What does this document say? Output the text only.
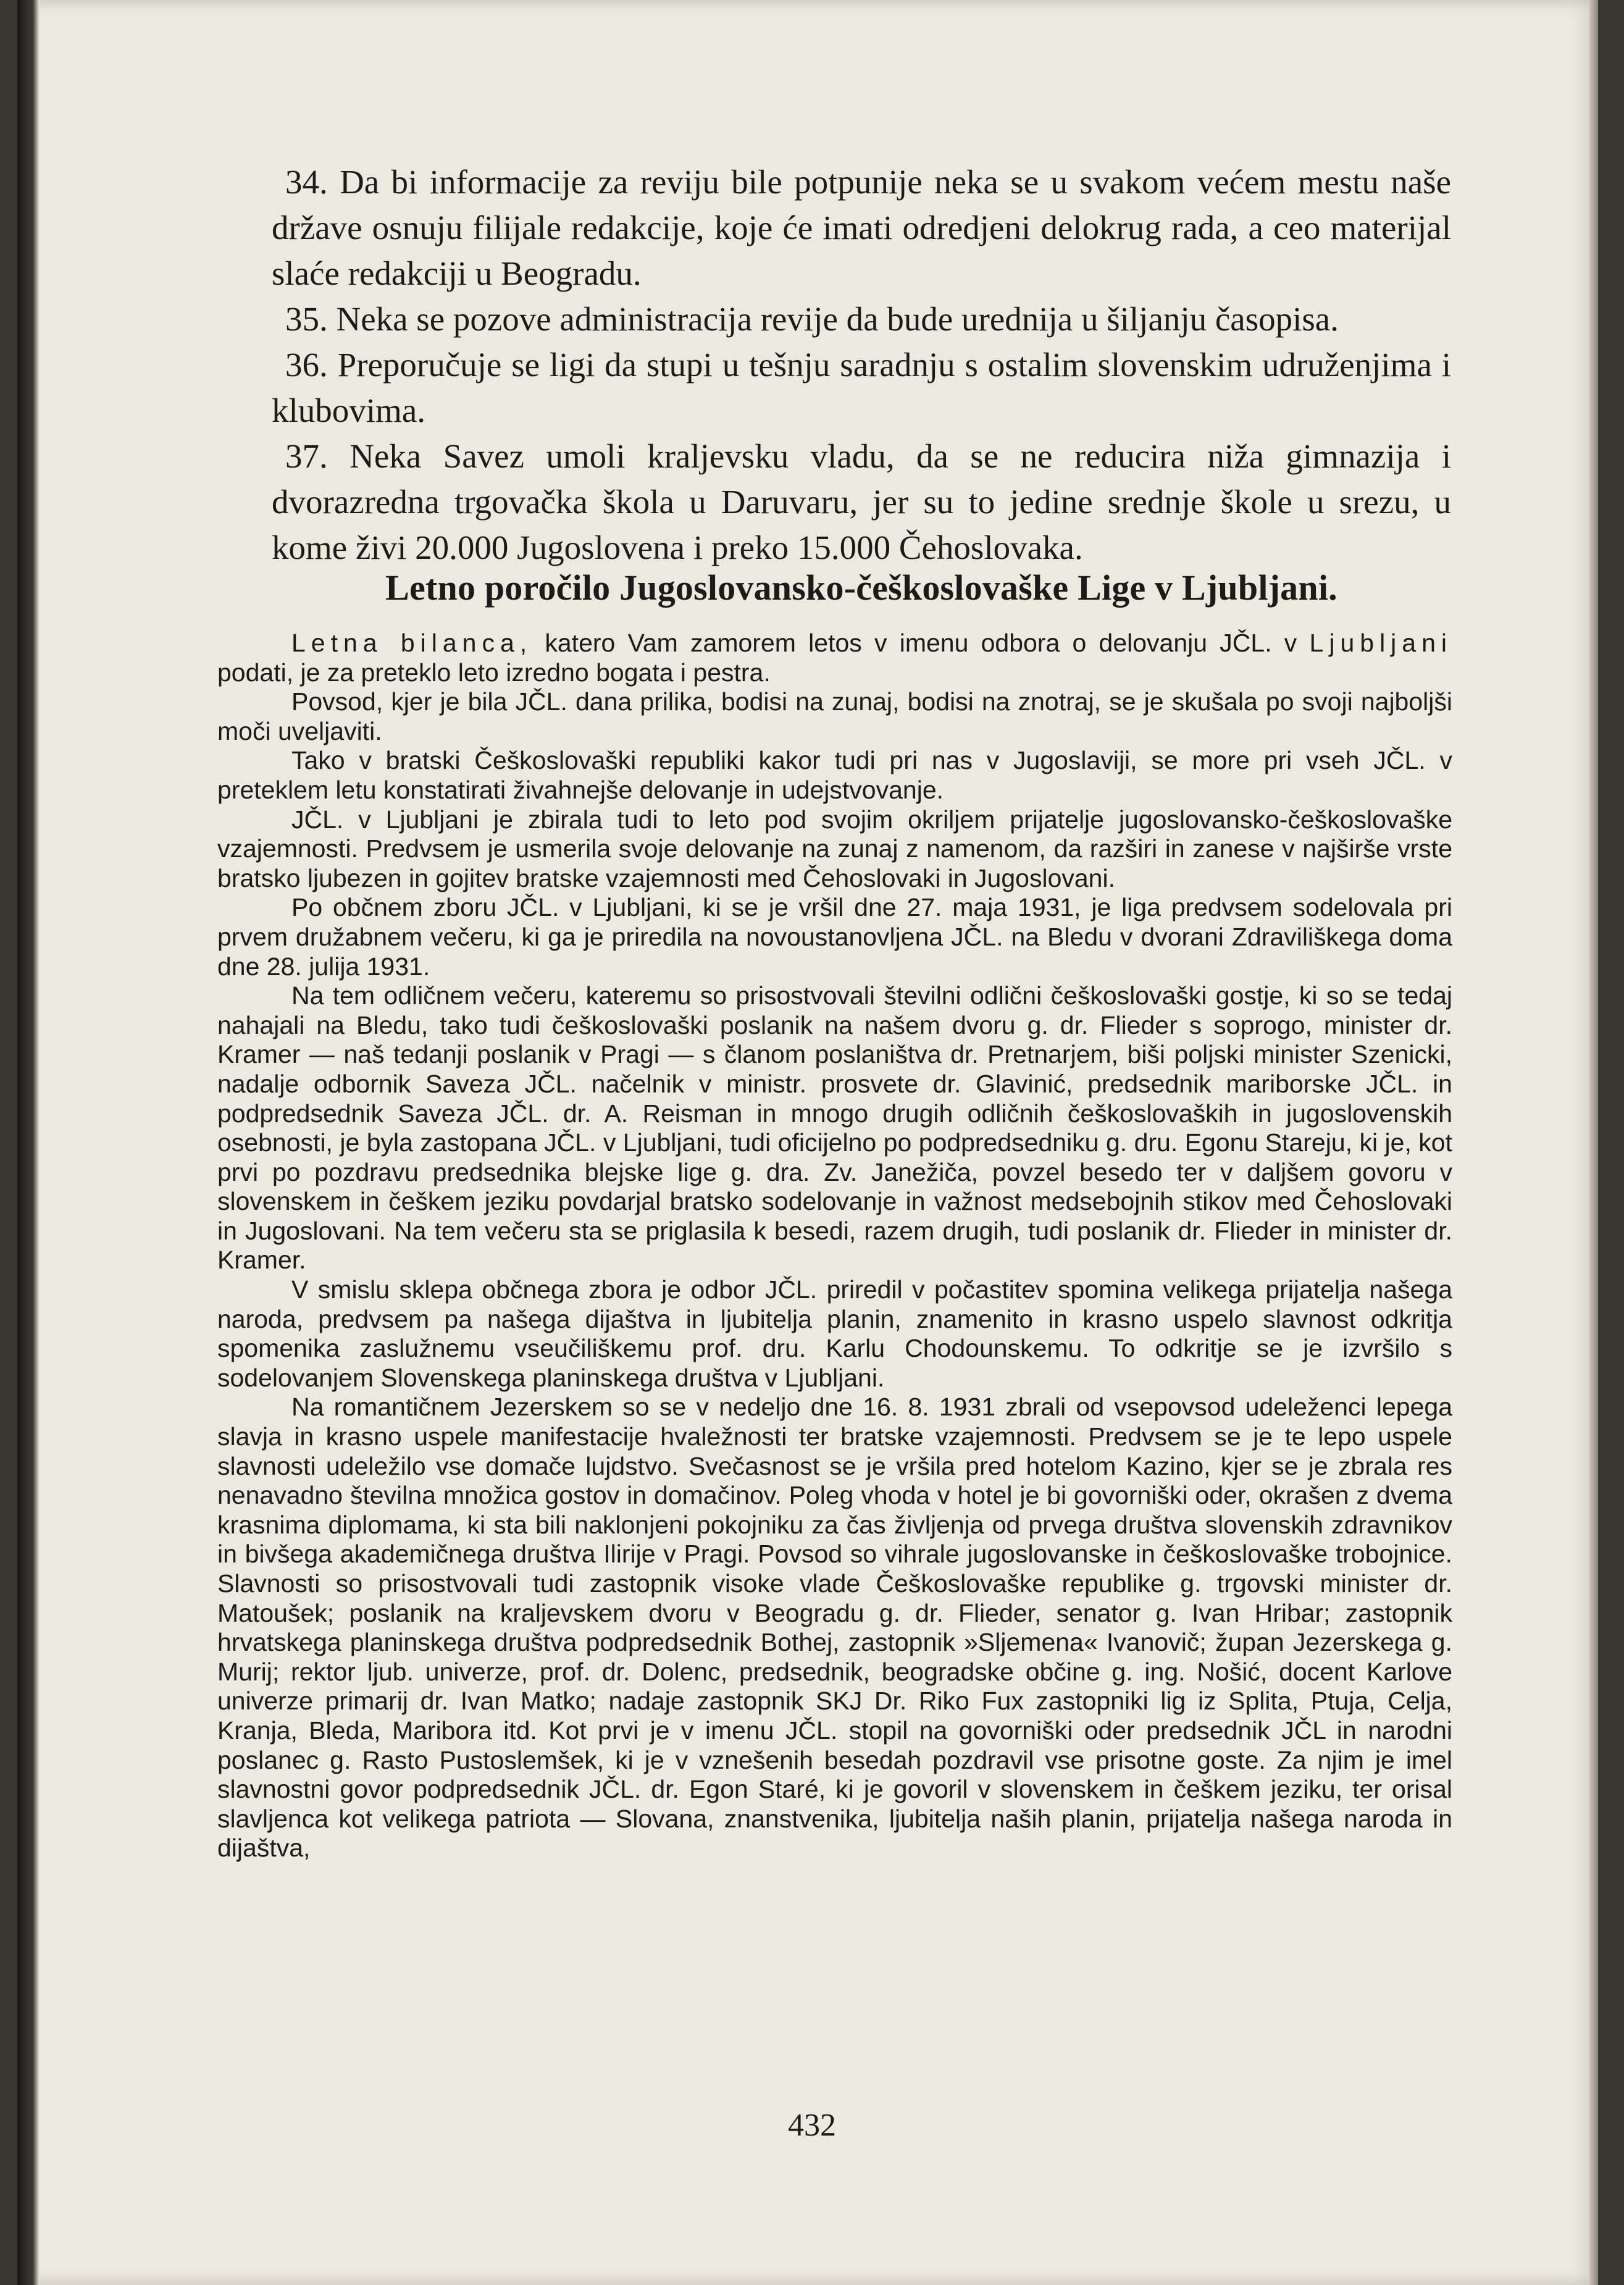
34. Da bi informacije za reviju bile potpunije neka se u svakom većem mestu naše države osnuju filijale redakcije, koje će imati odredjeni delokrug rada, a ceo materijal slaće redakciji u Beogradu.

35. Neka se pozove administracija revije da bude urednija u šiljanju časopisa.

36. Preporučuje se ligi da stupi u tešnju saradnju s ostalim slovenskim udruženjima i klubovima.

37. Neka Savez umoli kraljevsku vladu, da se ne reducira niža gimnazija i dvorazredna trgovačka škola u Daruvaru, jer su to jedine srednje škole u srezu, u kome živi 20.000 Jugoslovena i preko 15.000 Čehoslovaka.

Letno poročilo Jugoslovansko-češkoslovaške Lige v Ljubljani.

Letna bilanca, katero Vam zamorem letos v imenu odbora o delovanju JČL. v Ljubljani podati, je za preteklo leto izredno bogata i pestra.

Povsod, kjer je bila JČL. dana prilika, bodisi na zunaj, bodisi na znotraj, se je skušala po svoji najboljši moči uveljaviti.

Tako v bratski Češkoslovaški republiki kakor tudi pri nas v Jugoslaviji, se more pri vseh JČL. v preteklem letu konstatirati živahnejše delovanje in udejstvovanje.

JČL. v Ljubljani je zbirala tudi to leto pod svojim okriljem prijatelje jugoslovansko-češkoslovaške vzajemnosti. Predvsem je usmerila svoje delovanje na zunaj z namenom, da razširi in zanese v najširše vrste bratsko ljubezen in gojitev bratske vzajemnosti med Čehoslovaki in Jugoslovani.

Po občnem zboru JČL. v Ljubljani, ki se je vršil dne 27. maja 1931, je liga predvsem sodelovala pri prvem družabnem večeru, ki ga je priredila na novoustanovljena JČL. na Bledu v dvorani Zdraviliškega doma dne 28. julija 1931.

Na tem odličnem večeru, kateremu so prisostvovali številni odlični češkoslovaški gostje, ki so se tedaj nahajali na Bledu, tako tudi češkoslovaški poslanik na našem dvoru g. dr. Flieder s soprogo, minister dr. Kramer — naš tedanji poslanik v Pragi — s članom poslaništva dr. Pretnarjem, biši poljski minister Szenicki, nadalje odbornik Saveza JČL. načelnik v ministr. prosvete dr. Glavinić, predsednik mariborske JČL. in podpredsednik Saveza JČL. dr. A. Reisman in mnogo drugih odličnih češkoslovaških in jugoslovenskih osebnosti, je byla zastopana JČL. v Ljubljani, tudi oficijelno po podpredsedniku g. dru. Egonu Stareju, ki je, kot prvi po pozdravu predsednika blejske lige g. dra. Zv. Janežiča, povzel besedo ter v daljšem govoru v slovenskem in češkem jeziku povdarjal bratsko sodelovanje in važnost medsebojnih stikov med Čehoslovaki in Jugoslovani. Na tem večeru sta se priglasila k besedi, razem drugih, tudi poslanik dr. Flieder in minister dr. Kramer.

V smislu sklepa občnega zbora je odbor JČL. priredil v počastitev spomina velikega prijatelja našega naroda, predvsem pa našega dijaštva in ljubitelja planin, znamenito in krasno uspelo slavnost odkritja spomenika zaslužnemu vseučiliškemu prof. dru. Karlu Chodounskemu. To odkritje se je izvršilo s sodelovanjem Slovenskega planinskega društva v Ljubljani.

Na romantičnem Jezerskem so se v nedeljo dne 16. 8. 1931 zbrali od vsepovsod udeleženci lepega slavja in krasno uspele manifestacije hvaležnosti ter bratske vzajemnosti. Predvsem se je te lepo uspele slavnosti udeležilo vse domače lujdstvo. Svečasnost se je vršila pred hotelom Kazino, kjer se je zbrala res nenavadno številna množica gostov in domačinov. Poleg vhoda v hotel je bi govorniški oder, okrašen z dvema krasnima diplomama, ki sta bili naklonjeni pokojniku za čas življenja od prvega društva slovenskih zdravnikov in bivšega akademičnega društva Ilirije v Pragi. Povsod so vihrale jugoslovanske in češkoslovaške trobojnice. Slavnosti so prisostvovali tudi zastopnik visoke vlade Češkoslovaške republike g. trgovski minister dr. Matoušek; poslanik na kraljevskem dvoru v Beogradu g. dr. Flieder, senator g. Ivan Hribar; zastopnik hrvatskega planinskega društva podpredsednik Bothej, zastopnik »Sljemena« Ivanovič; župan Jezerskega g. Murij; rektor ljub. univerze, prof. dr. Dolenc, predsednik, beogradske občine g. ing. Nošić, docent Karlove univerze primarij dr. Ivan Matko; nadaje zastopnik SKJ Dr. Riko Fux zastopniki lig iz Splita, Ptuja, Celja, Kranja, Bleda, Maribora itd. Kot prvi je v imenu JČL. stopil na govorniški oder predsednik JČL in narodni poslanec g. Rasto Pustoslemšek, ki je v vznešenih besedah pozdravil vse prisotne goste. Za njim je imel slavnostni govor podpredsednik JČL. dr. Egon Staré, ki je govoril v slovenskem in češkem jeziku, ter orisal slavljenca kot velikega patriota — Slovana, znanstvenika, ljubitelja naših planin, prijatelja našega naroda in dijaštva,

432
